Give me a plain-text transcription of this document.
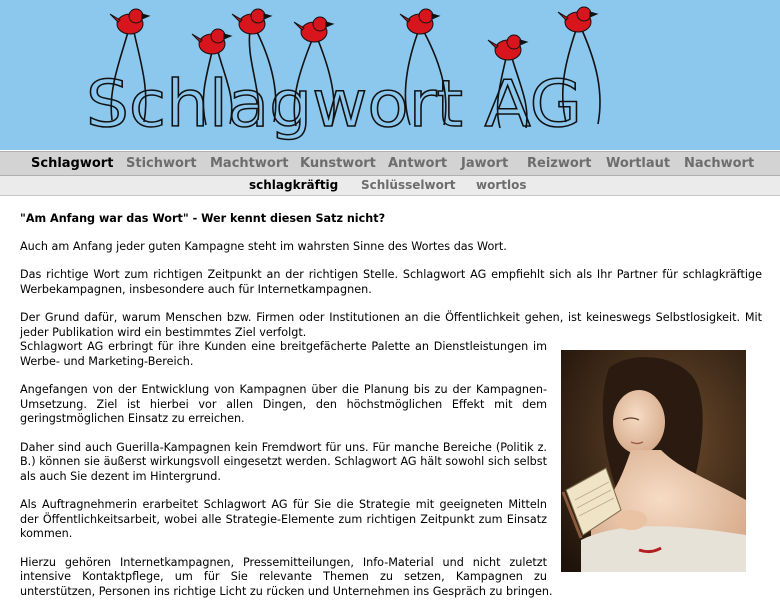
Schlagwort AG
Schlagwort Stichwort Machtwort Kunstwort Antwort Jawort Reizwort Wortlaut Nachwort
schlagkräftig Schlüsselwort wortlos
"Am Anfang war das Wort" - Wer kennt diesen Satz nicht?

Auch am Anfang jeder guten Kampagne steht im wahrsten Sinne des Wortes das Wort.

Das richtige Wort zum richtigen Zeitpunkt an der richtigen Stelle. Schlagwort AG empfiehlt sich als Ihr Partner für schlagkräftige Werbekampagnen, insbesondere auch für Internetkampagnen.

Der Grund dafür, warum Menschen bzw. Firmen oder Institutionen an die Öffentlichkeit gehen, ist keineswegs Selbstlosigkeit. Mit jeder Publikation wird ein bestimmtes Ziel verfolgt.

Schlagwort AG erbringt für ihre Kunden eine breitgefächerte Palette an Dienstleistungen im Werbe- und Marketing-Bereich.

Angefangen von der Entwicklung von Kampagnen über die Planung bis zu der Kampagnen-Umsetzung. Ziel ist hierbei vor allen Dingen, den höchstmöglichen Effekt mit dem geringstmöglichen Einsatz zu erreichen.

Daher sind auch Guerilla-Kampagnen kein Fremdwort für uns. Für manche Bereiche (Politik z. B.) können sie äußerst wirkungsvoll eingesetzt werden. Schlagwort AG hält sowohl sich selbst als auch Sie dezent im Hintergrund.

Als Auftragnehmerin erarbeitet Schlagwort AG für Sie die Strategie mit geeigneten Mitteln der Öffentlichkeitsarbeit, wobei alle Strategie-Elemente zum richtigen Zeitpunkt zum Einsatz kommen.

Hierzu gehören Internetkampagnen, Pressemitteilungen, Info-Material und nicht zuletzt intensive Kontaktpflege, um für Sie relevante Themen zu setzen, Kampagnen zu unterstützen, Personen ins richtige Licht zu rücken und Unternehmen ins Gespräch zu bringen.
